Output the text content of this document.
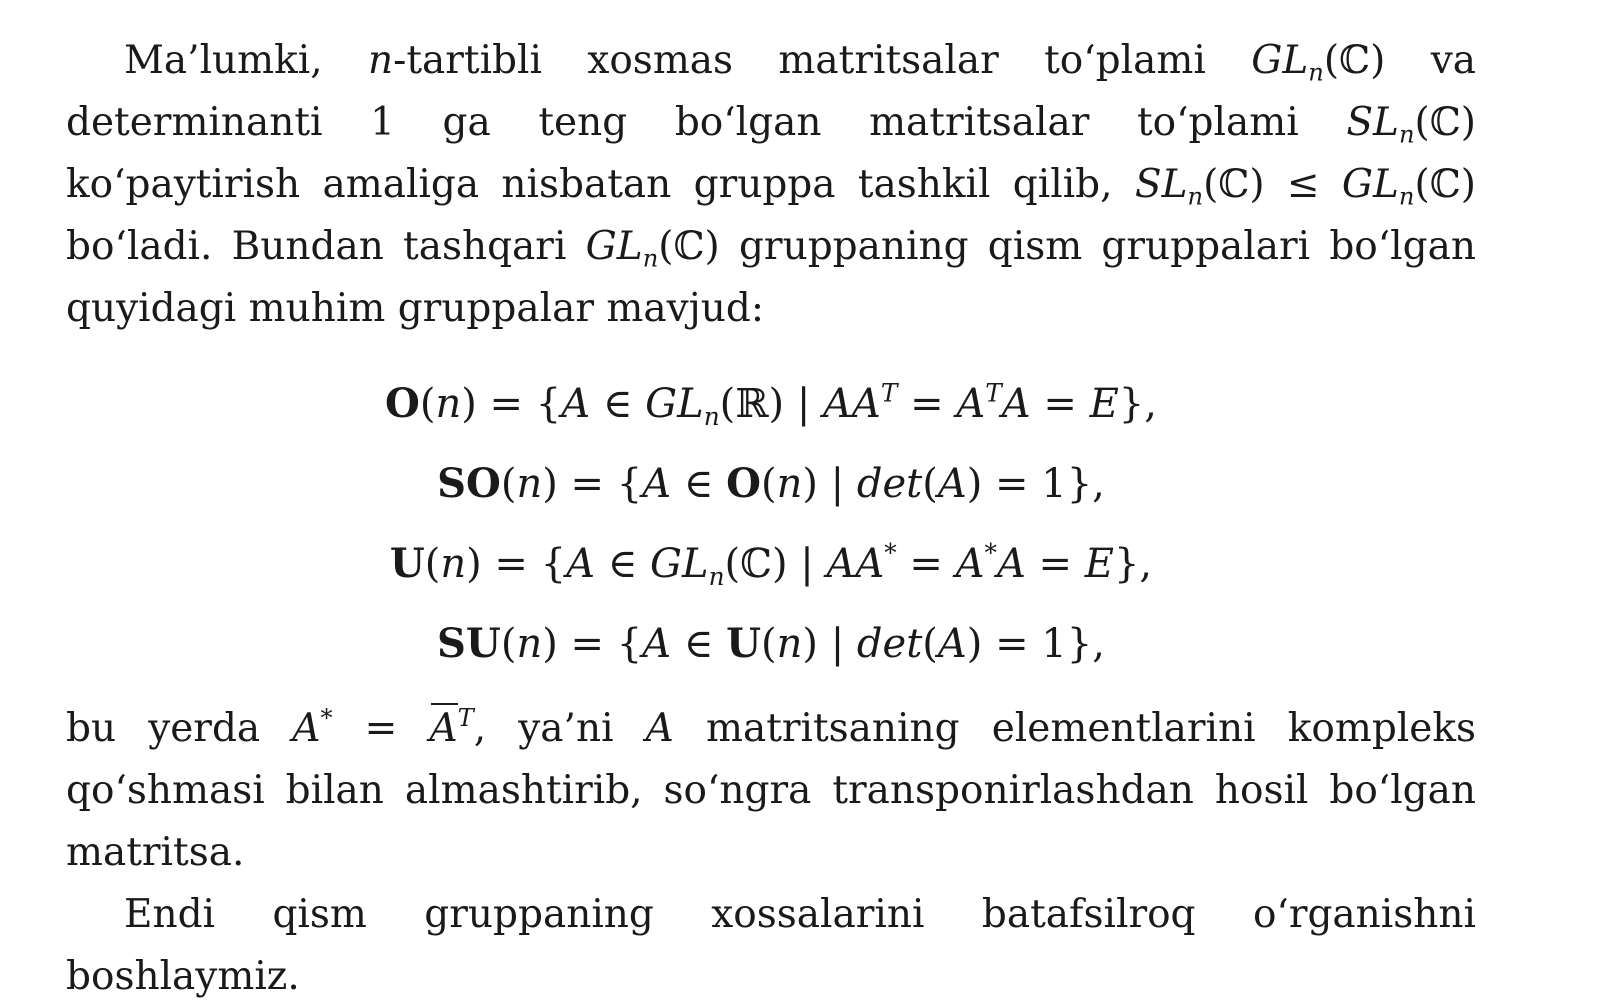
Ma’lumki, n-tartibli xosmas matritsalar to‘plami $GL_n(ℂ)$ va determinanti 1 ga teng bo‘lgan matritsalar to‘plami $SL_n(ℂ)$ ko‘paytirish amaliga nisbatan gruppa tashkil qilib, $SL_n(ℂ)$ ≤ $GL_n(ℂ)$ bo‘ladi. Bundan tashqari $GL_n(ℂ)$ gruppaning qism gruppalari bo‘lgan quyidagi muhim gruppalar mavjud:

O(n) = {A ∈ $GL_n(ℝ)$ | $AA^T = A^TA = E$},
SO(n) = {A ∈ O(n) | det(A) = 1},
U(n) = {A ∈ $GL_n(ℂ)$ | AA* = A*A = E},
SU(n) = {A ∈ U(n) | det(A) = 1},

bu yerda $A^* = A^T$, ya’ni A matritsaning elementlarini kompleks qo‘shmasi bilan almashtirib, so‘ngra transponirlashdan hosil bo‘lgan matritsa.

Endi qism gruppaning xossalarini batafsilroq o‘rganishni boshlaymiz.
